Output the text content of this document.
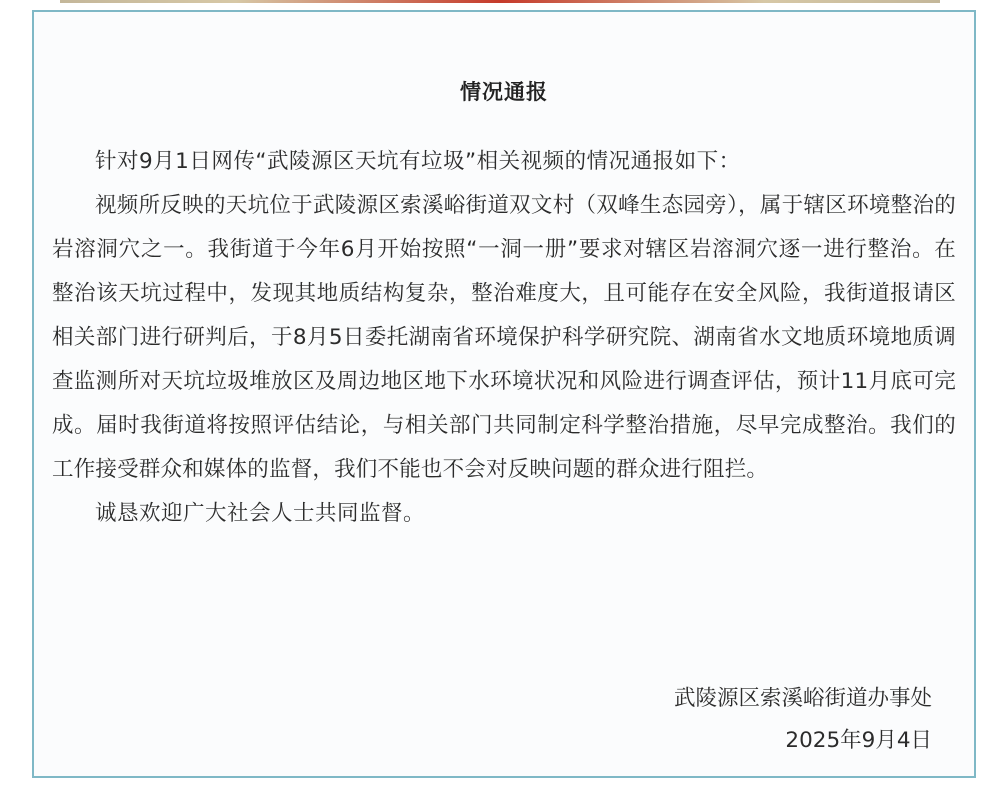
情况通报

针对9月1日网传“武陵源区天坑有垃圾”相关视频的情况通报如下：

视频所反映的天坑位于武陵源区索溪峪街道双文村（双峰生态园旁），属于辖区环境整治的岩溶洞穴之一。我街道于今年6月开始按照“一洞一册”要求对辖区岩溶洞穴逐一进行整治。在整治该天坑过程中，发现其地质结构复杂，整治难度大，且可能存在安全风险，我街道报请区相关部门进行研判后，于8月5日委托湖南省环境保护科学研究院、湖南省水文地质环境地质调查监测所对天坑垃圾堆放区及周边地区地下水环境状况和风险进行调查评估，预计11月底可完成。届时我街道将按照评估结论，与相关部门共同制定科学整治措施，尽早完成整治。我们的工作接受群众和媒体的监督，我们不能也不会对反映问题的群众进行阻拦。

诚恳欢迎广大社会人士共同监督。

武陵源区索溪峪街道办事处
2025年9月4日
